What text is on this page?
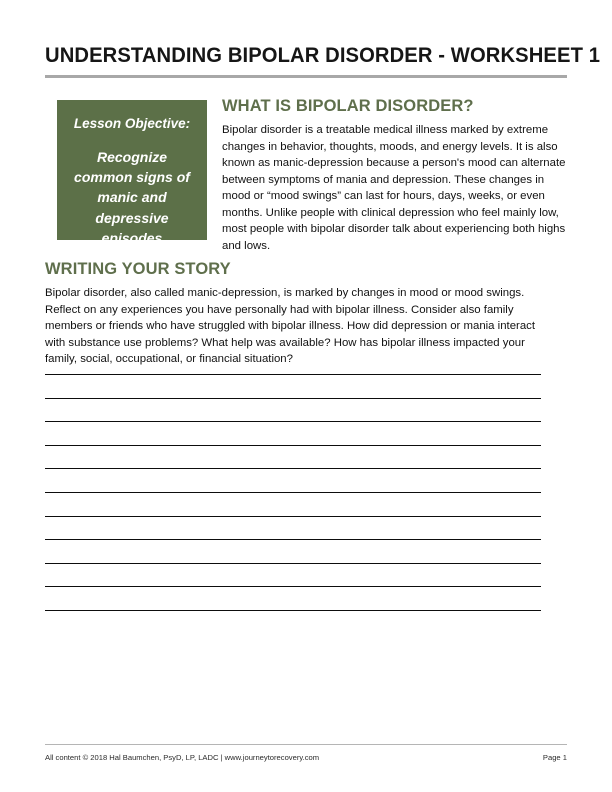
UNDERSTANDING BIPOLAR DISORDER - WORKSHEET 1
Lesson Objective:
Recognize common signs of manic and depressive episodes
WHAT IS BIPOLAR DISORDER?

Bipolar disorder is a treatable medical illness marked by extreme changes in behavior, thoughts, moods, and energy levels. It is also known as manic-depression because a person's mood can alternate between symptoms of mania and depression. These changes in mood or “mood swings” can last for hours, days, weeks, or even months. Unlike people with clinical depression who feel mainly low, most people with bipolar disorder talk about experiencing both highs and lows.

WRITING YOUR STORY

Bipolar disorder, also called manic-depression, is marked by changes in mood or mood swings. Reflect on any experiences you have personally had with bipolar illness. Consider also family members or friends who have struggled with bipolar illness. How did depression or mania interact with substance use problems? What help was available? How has bipolar illness impacted your family, social, occupational, or financial situation?

All content © 2018 Hal Baumchen, PsyD, LP, LADC | www.journeytorecovery.com	Page 1
